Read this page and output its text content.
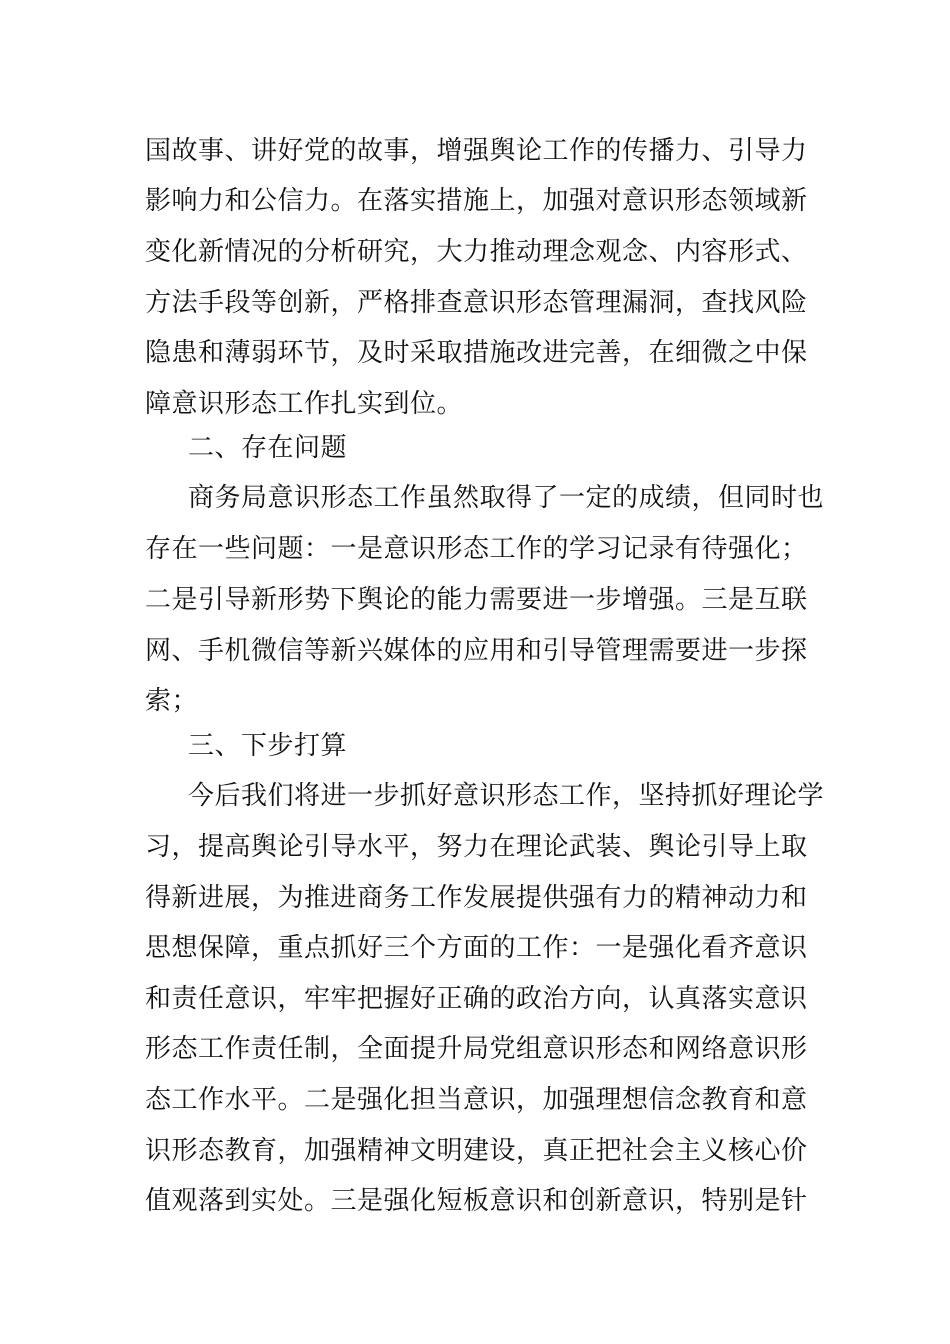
国故事、讲好党的故事，增强舆论工作的传播力、引导力
影响力和公信力。在落实措施上，加强对意识形态领域新
变化新情况的分析研究，大力推动理念观念、内容形式、
方法手段等创新，严格排查意识形态管理漏洞，查找风险
隐患和薄弱环节，及时采取措施改进完善，在细微之中保
障意识形态工作扎实到位。
二、存在问题
商务局意识形态工作虽然取得了一定的成绩，但同时也
存在一些问题：一是意识形态工作的学习记录有待强化；
二是引导新形势下舆论的能力需要进一步增强。三是互联
网、手机微信等新兴媒体的应用和引导管理需要进一步探
索；
三、下步打算
今后我们将进一步抓好意识形态工作，坚持抓好理论学
习，提高舆论引导水平，努力在理论武装、舆论引导上取
得新进展，为推进商务工作发展提供强有力的精神动力和
思想保障，重点抓好三个方面的工作：一是强化看齐意识
和责任意识，牢牢把握好正确的政治方向，认真落实意识
形态工作责任制，全面提升局党组意识形态和网络意识形
态工作水平。二是强化担当意识，加强理想信念教育和意
识形态教育，加强精神文明建设，真正把社会主义核心价
值观落到实处。三是强化短板意识和创新意识，特别是针
